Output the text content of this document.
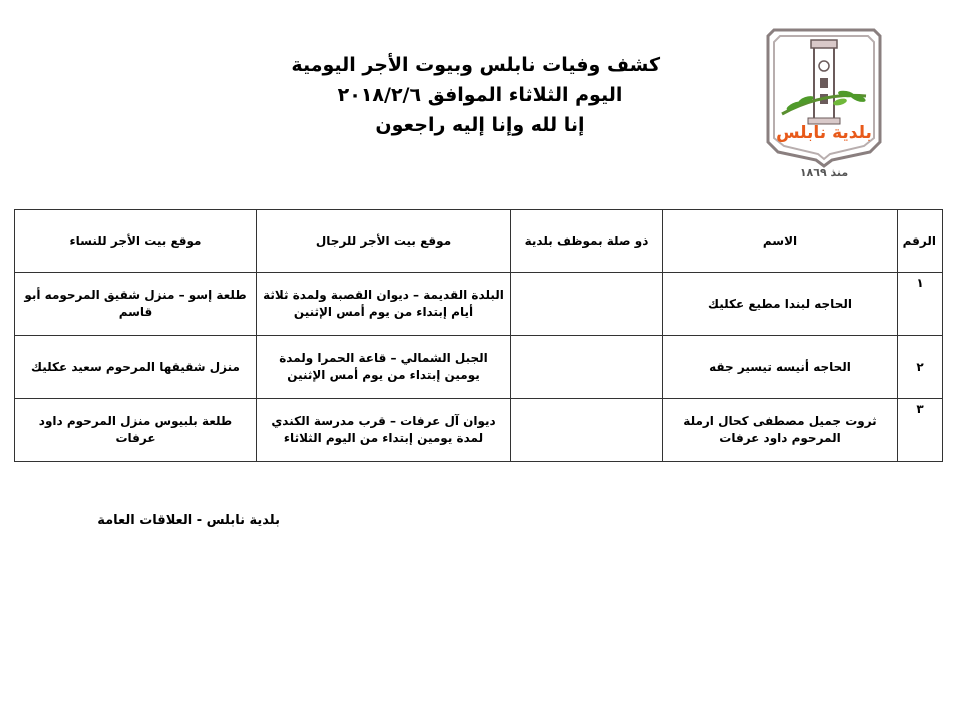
كشف وفيات نابلس وبيوت الأجر اليومية
اليوم الثلاثاء الموافق ٢٠١٨/٢/٦
إنا لله وإنا إليه راجعون	بلدية نابلس
منذ ١٨٦٩
الرقم	الاسم	ذو صلة بموظف بلدية	موقع بيت الأجر للرجال	موقع بيت الأجر للنساء
١	الحاجه لبندا مطيع عكليك		البلدة القديمة – ديوان القصبة ولمدة ثلاثة أيام إبتداء من يوم أمس الإثنين	طلعة إسو – منزل شقيق المرحومه أبو قاسم
٢	الحاجه أنيسه تيسير جقه		الجبل الشمالي – قاعة الحمرا ولمدة يومين إبتداء من يوم أمس الإثنين	منزل شقيقها المرحوم سعيد عكليك
٣	ثروت جميل مصطفى كحال ارملة المرحوم داود عرفات		ديوان آل عرفات – قرب مدرسة الكندي لمدة يومين إبتداء من اليوم الثلاثاء	طلعة بلبيوس منزل المرحوم داود عرفات
بلدية نابلس - العلاقات العامة
